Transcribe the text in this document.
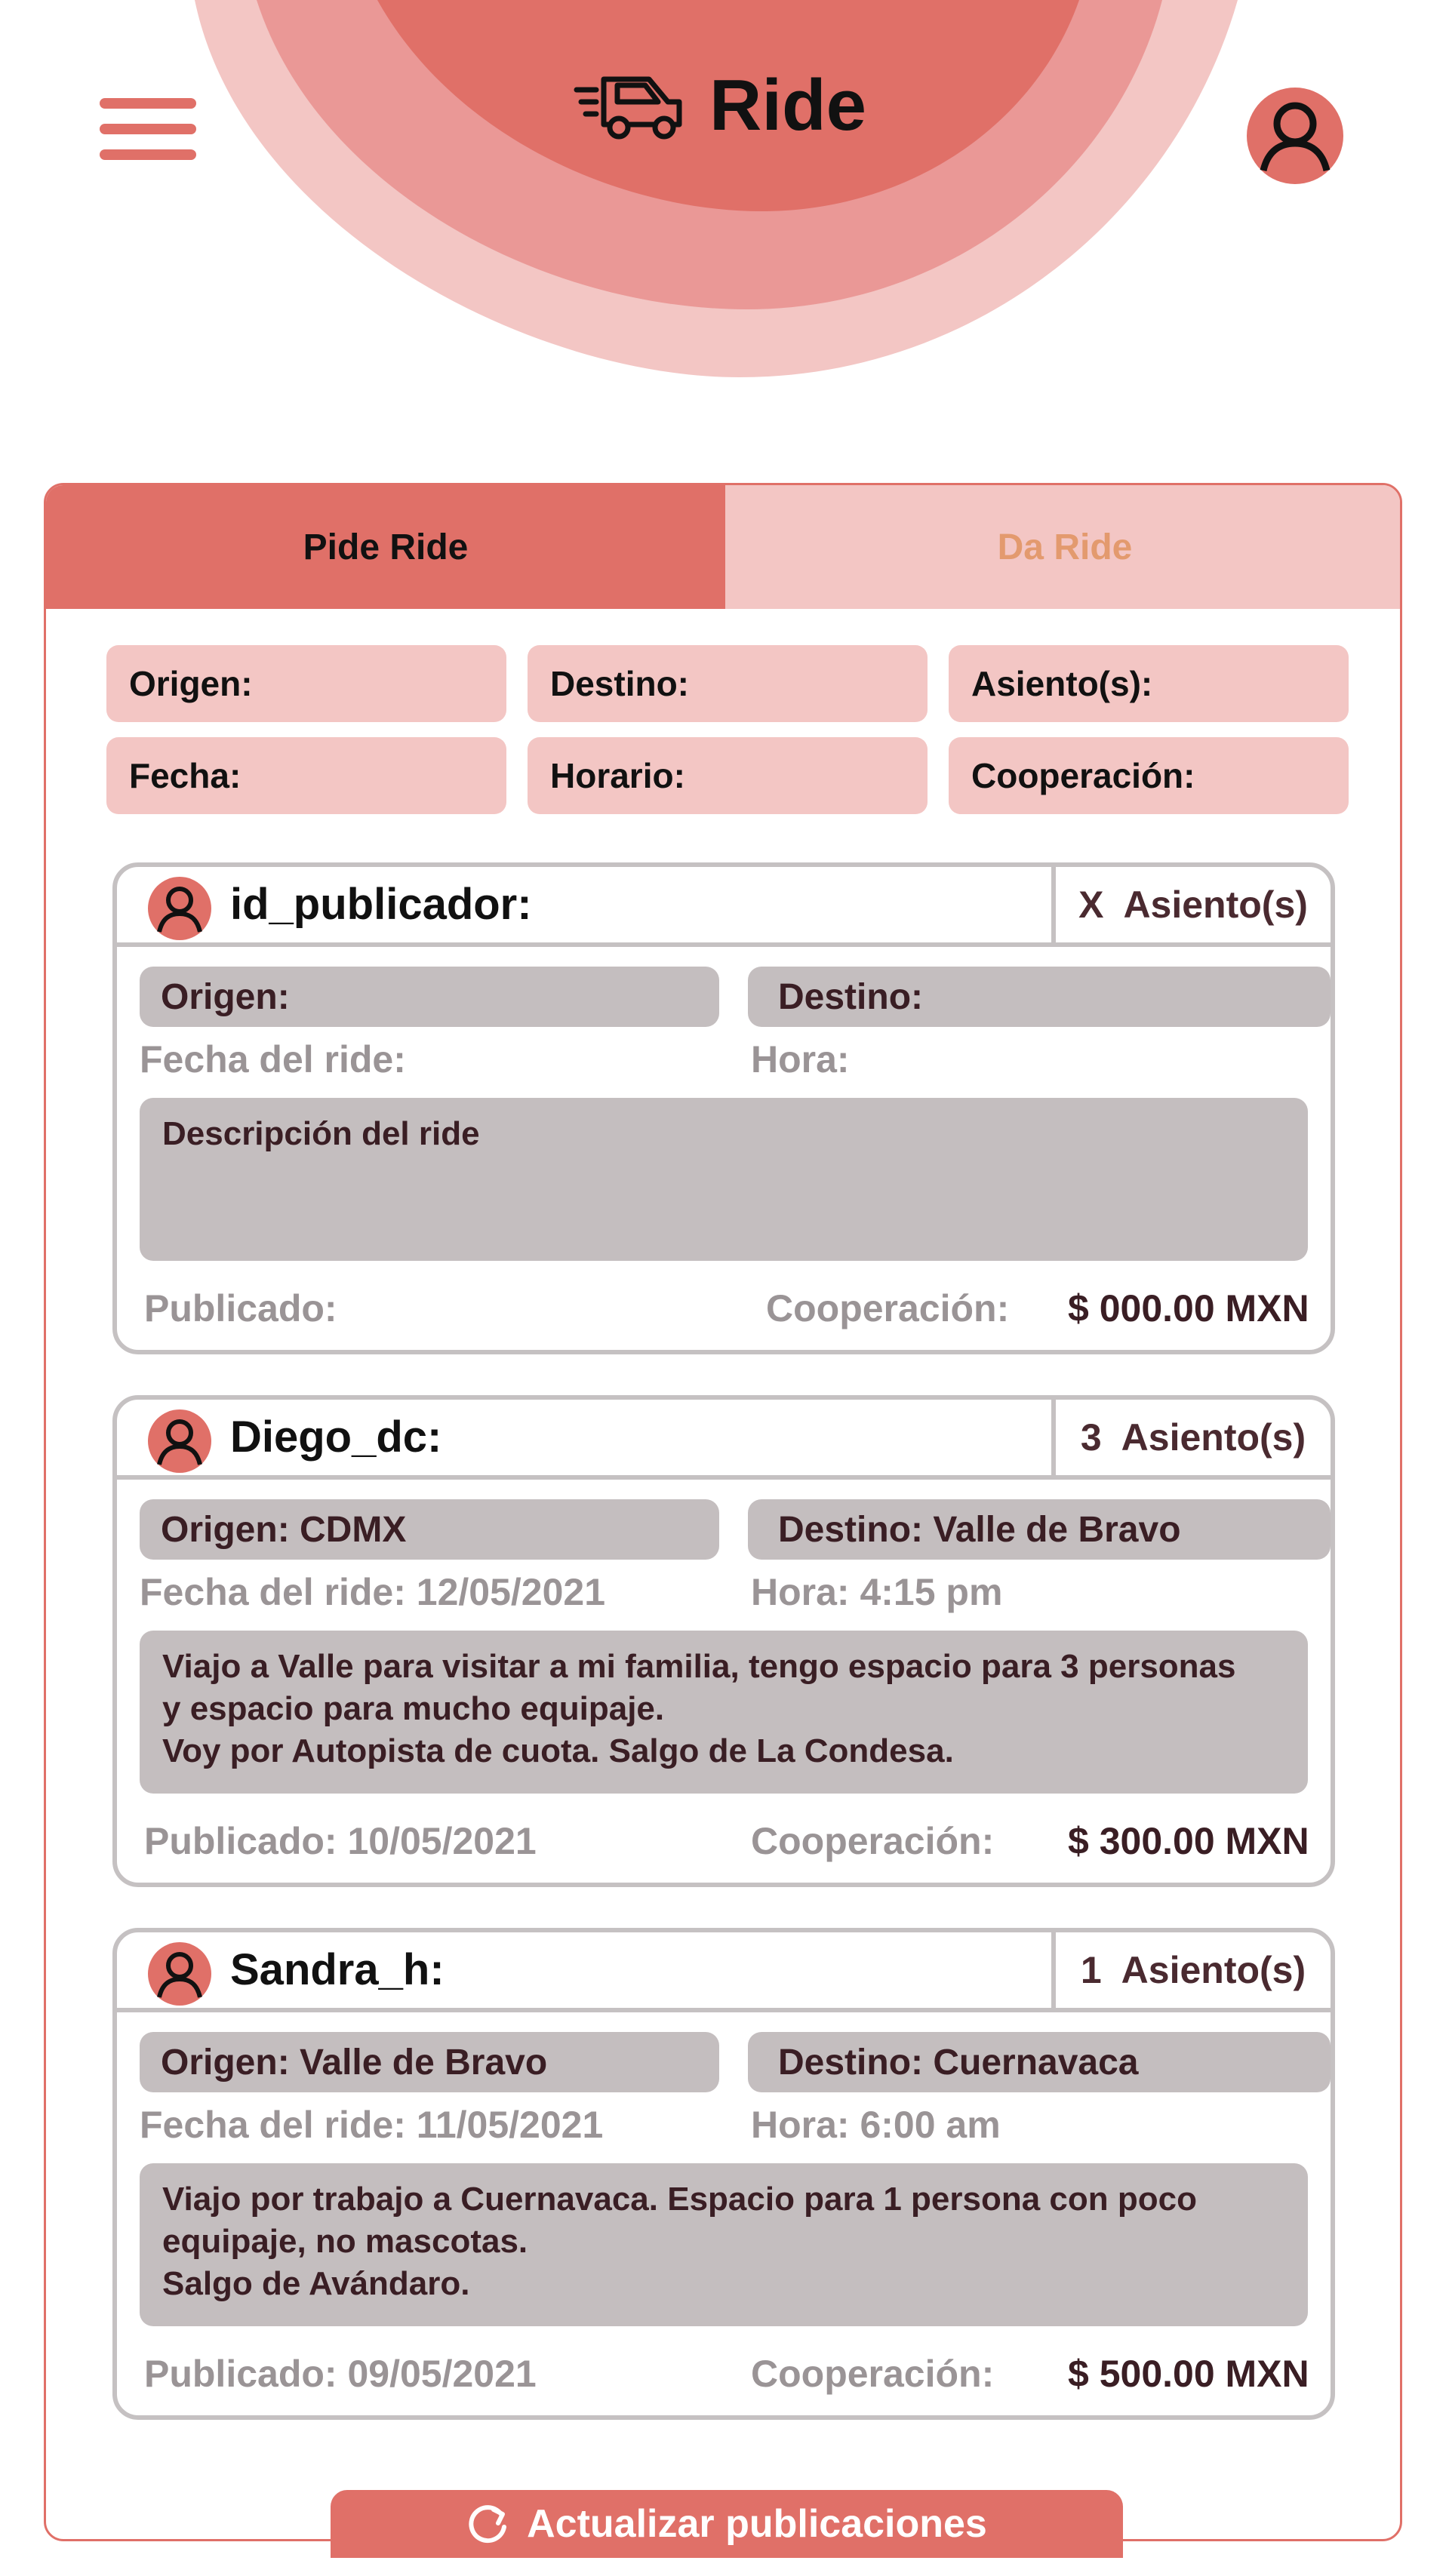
Ride
Pide Ride	Da Ride
Origen:	Destino:	Asiento(s):
Fecha:	Horario:	Cooperación:
id_publicador:	X Asiento(s)
Origen:	Destino:
Fecha del ride:	Hora:
Descripción del ride
Publicado:	Cooperación: $ 000.00 MXN
Diego_dc:	3 Asiento(s)
Origen: CDMX	Destino: Valle de Bravo
Fecha del ride: 12/05/2021	Hora: 4:15 pm
Viajo a Valle para visitar a mi familia, tengo espacio para 3 personas
y espacio para mucho equipaje.
Voy por Autopista de cuota. Salgo de La Condesa.
Publicado: 10/05/2021	Cooperación: $ 300.00 MXN
Sandra_h:	1 Asiento(s)
Origen: Valle de Bravo	Destino: Cuernavaca
Fecha del ride: 11/05/2021	Hora: 6:00 am
Viajo por trabajo a Cuernavaca. Espacio para 1 persona con poco
equipaje, no mascotas.
Salgo de Avándaro.
Publicado: 09/05/2021	Cooperación: $ 500.00 MXN
Actualizar publicaciones
